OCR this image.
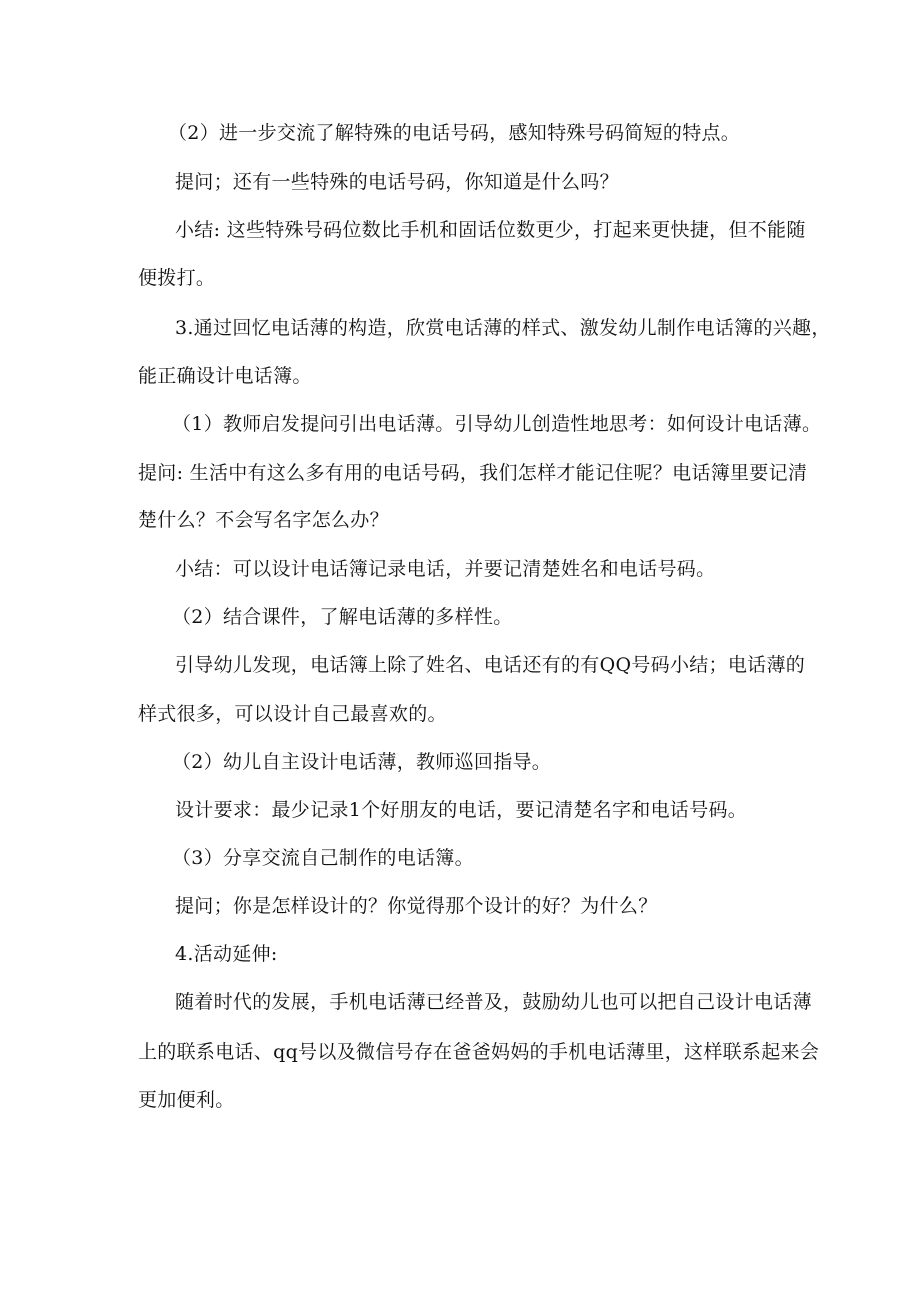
（2）进一步交流了解特殊的电话号码，感知特殊号码简短的特点。

提问；还有一些特殊的电话号码，你知道是什么吗？

小结: 这些特殊号码位数比手机和固话位数更少，打起来更快捷，但不能随

便拨打。

3.通过回忆电话薄的构造，欣赏电话薄的样式、激发幼儿制作电话簿的兴趣，

能正确设计电话簿。

（1）教师启发提问引出电话薄。引导幼儿创造性地思考：如何设计电话薄。

提问: 生活中有这么多有用的电话号码，我们怎样才能记住呢？电话簿里要记清

楚什么？不会写名字怎么办？

小结：可以设计电话簿记录电话，并要记清楚姓名和电话号码。

（2）结合课件，了解电话薄的多样性。

引导幼儿发现，电话簿上除了姓名、电话还有的有QQ号码小结；电话薄的

样式很多，可以设计自己最喜欢的。

（2）幼儿自主设计电话薄，教师巡回指导。

设计要求：最少记录1个好朋友的电话，要记清楚名字和电话号码。

（3）分享交流自己制作的电话簿。

提问；你是怎样设计的？你觉得那个设计的好？为什么？

4.活动延伸:

随着时代的发展，手机电话薄已经普及，鼓励幼儿也可以把自己设计电话薄

上的联系电话、qq号以及微信号存在爸爸妈妈的手机电话薄里，这样联系起来会

更加便利。
